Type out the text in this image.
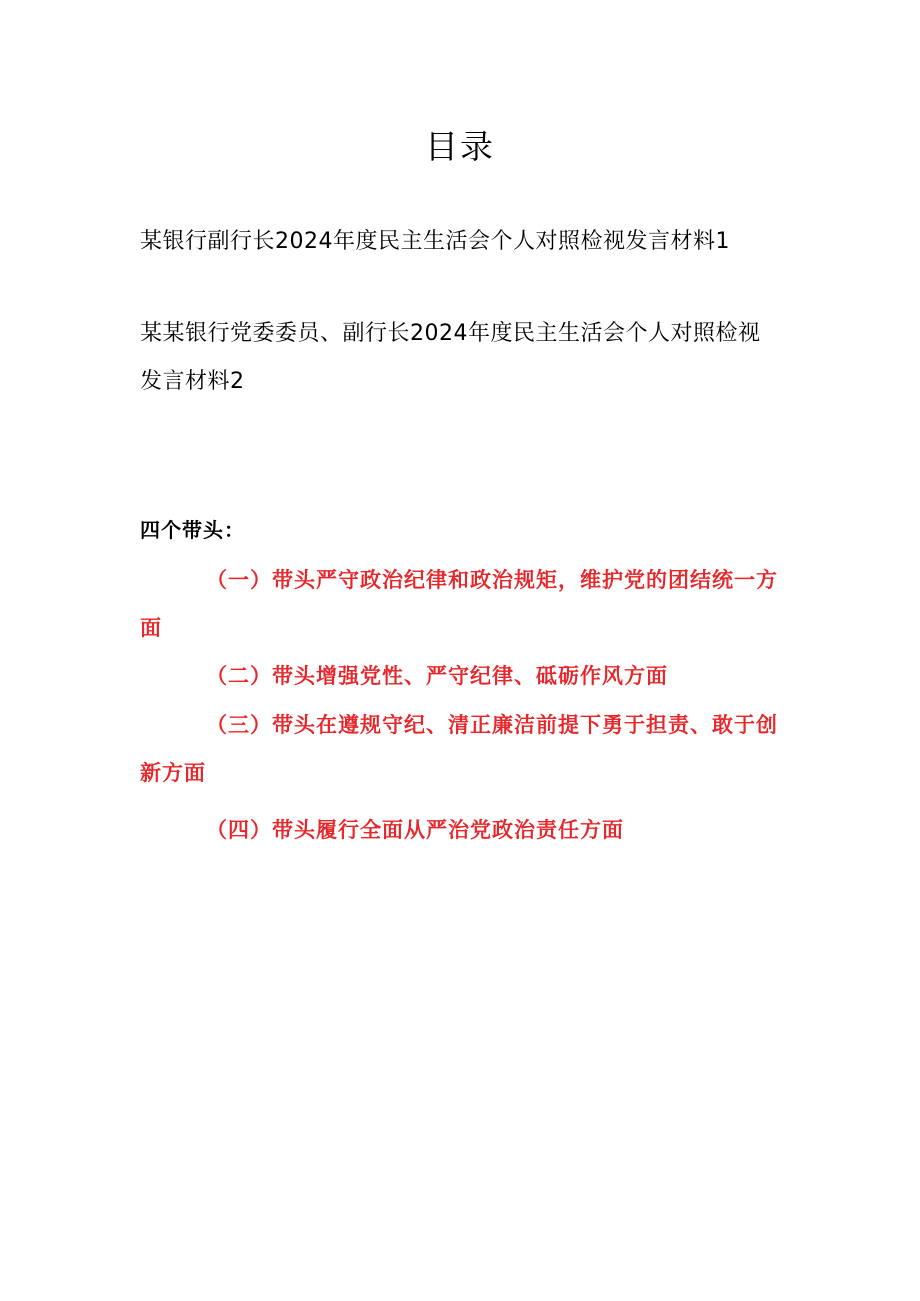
目录
某银行副行长2024年度民主生活会个人对照检视发言材料1
某某银行党委委员、副行长2024年度民主生活会个人对照检视发言材料2
四个带头：
（一）带头严守政治纪律和政治规矩，维护党的团结统一方面
（二）带头增强党性、严守纪律、砥砺作风方面
（三）带头在遵规守纪、清正廉洁前提下勇于担责、敢于创新方面
（四）带头履行全面从严治党政治责任方面
